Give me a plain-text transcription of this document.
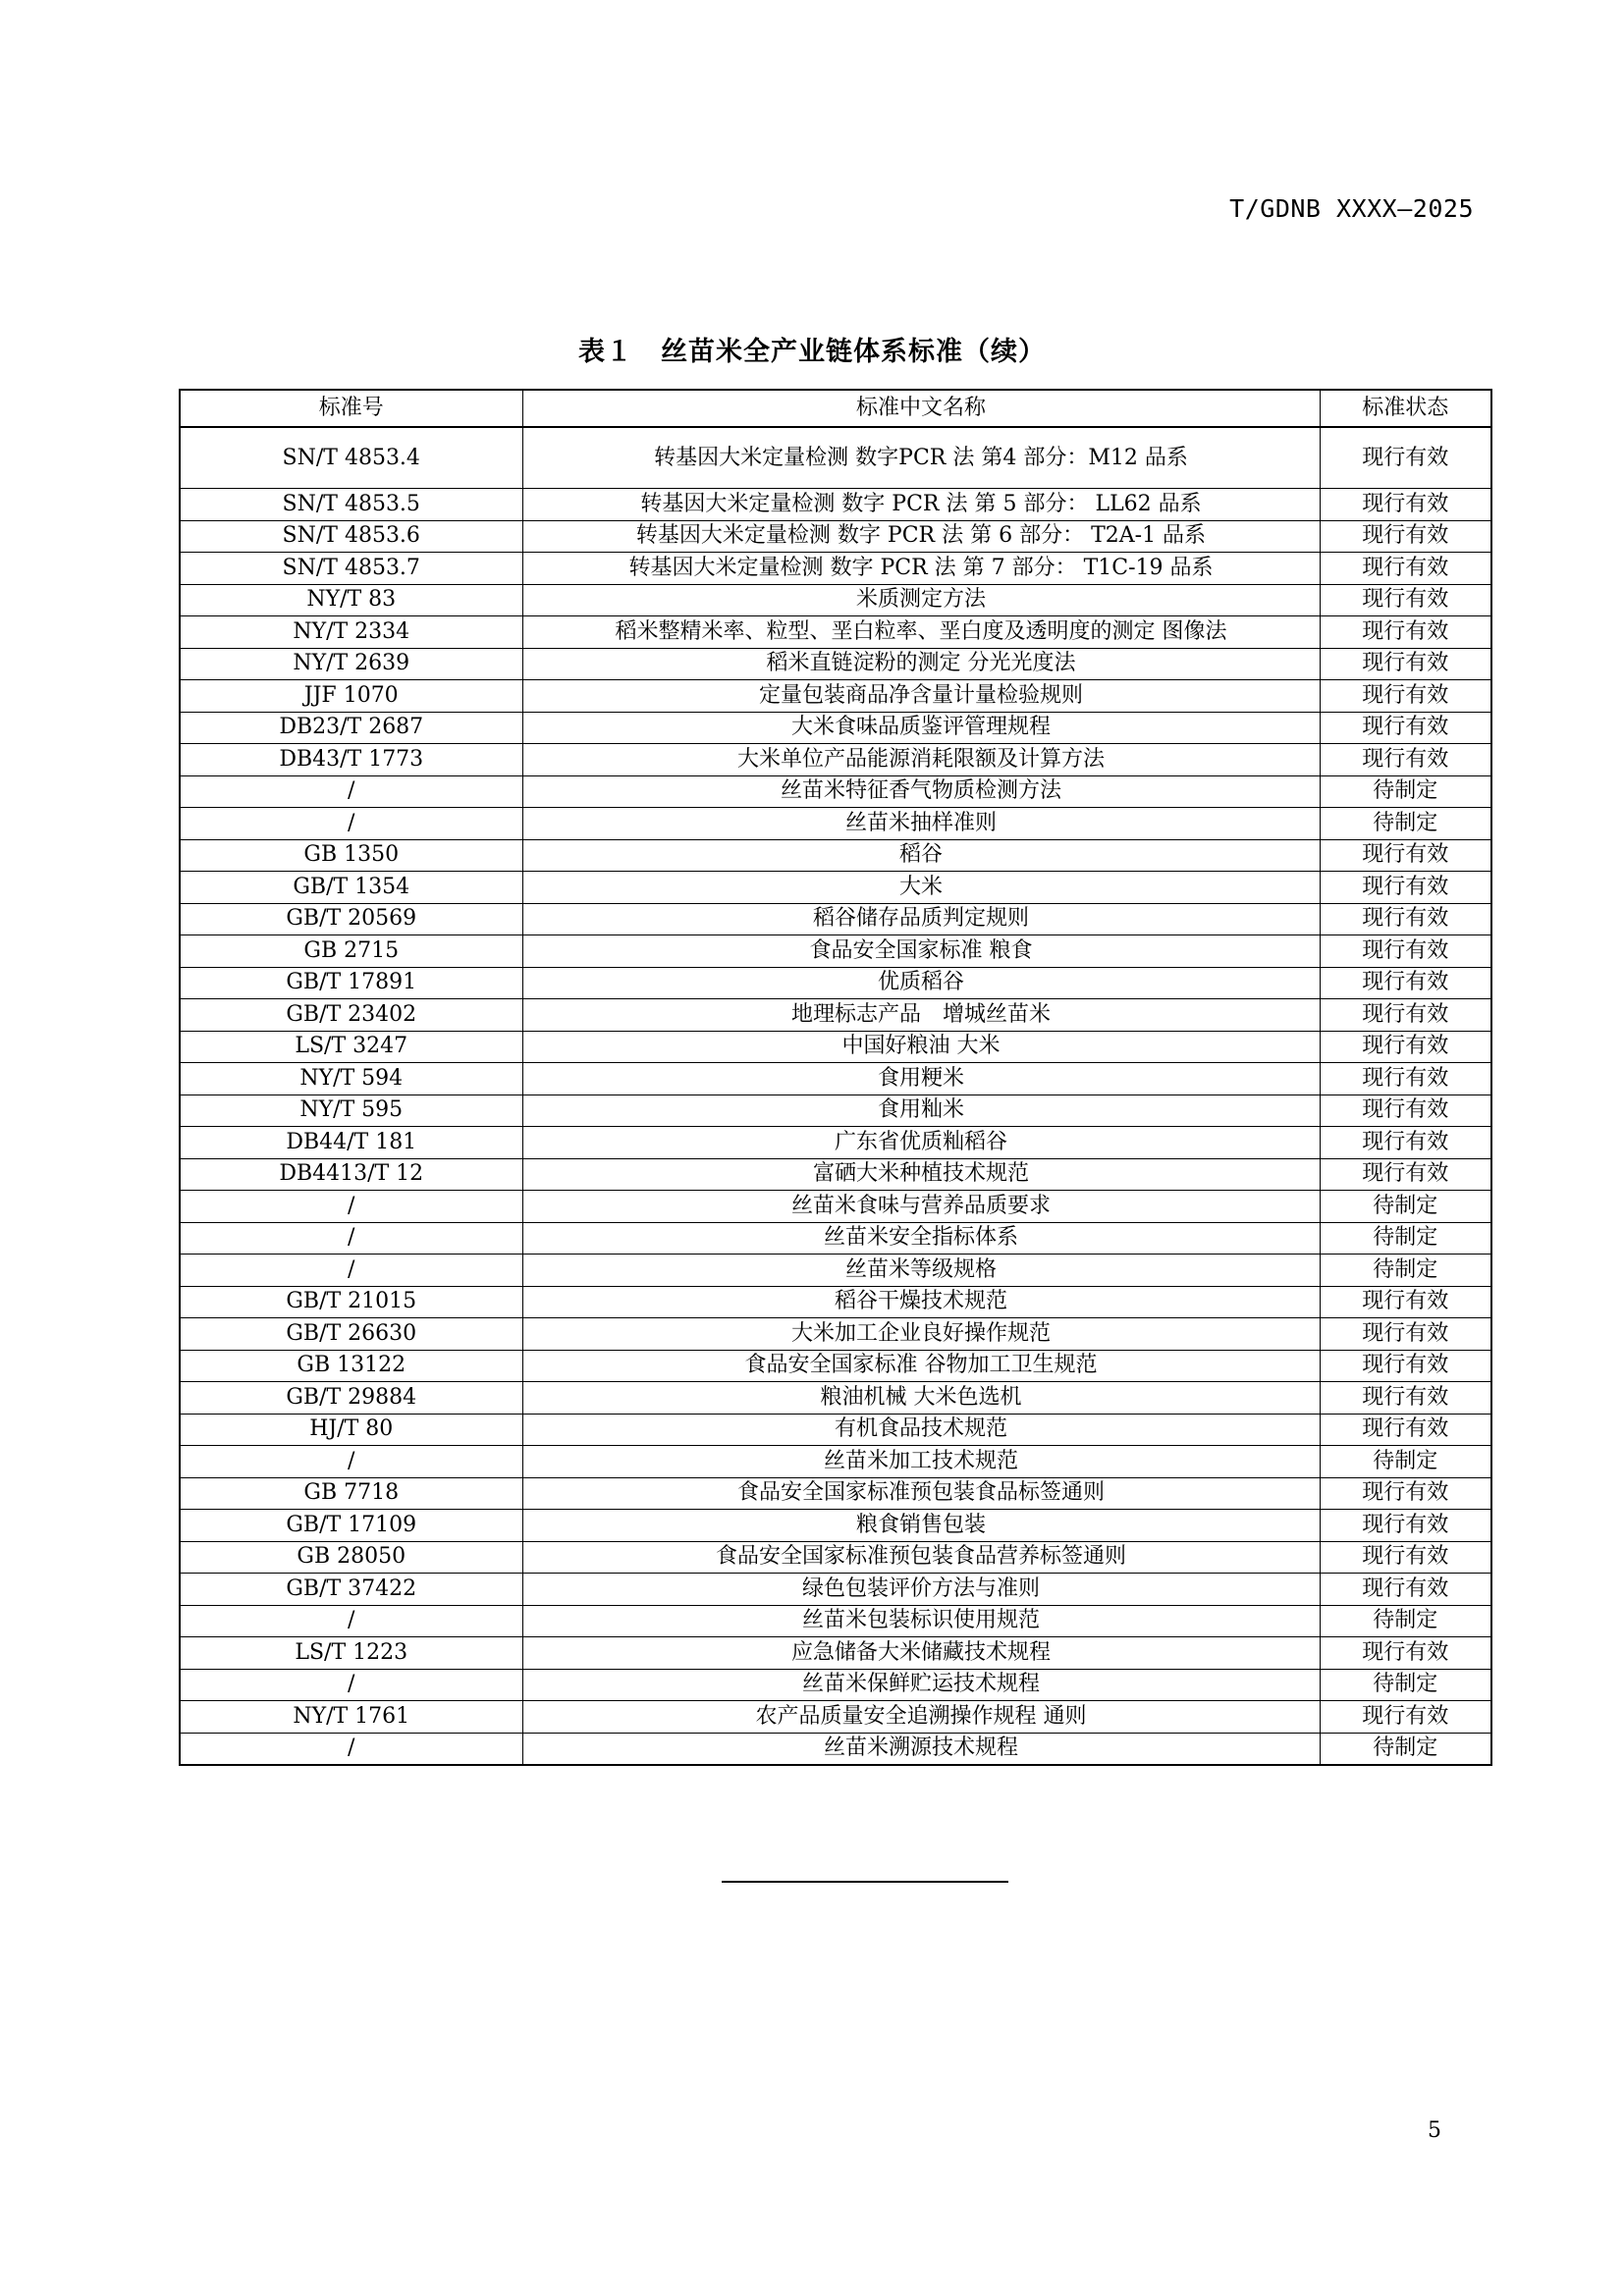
T/GDNB XXXX—2025
表１　丝苗米全产业链体系标准（续）
标准号	标准中文名称	标准状态
SN/T 4853.4	转基因大米定量检测 数字PCR 法 第4 部分：M12 品系	现行有效
SN/T 4853.5	转基因大米定量检测 数字 PCR 法 第 5 部分： LL62 品系	现行有效
SN/T 4853.6	转基因大米定量检测 数字 PCR 法 第 6 部分： T2A-1 品系	现行有效
SN/T 4853.7	转基因大米定量检测 数字 PCR 法 第 7 部分： T1C-19 品系	现行有效
NY/T 83	米质测定方法	现行有效
NY/T 2334	稻米整精米率、粒型、垩白粒率、垩白度及透明度的测定 图像法	现行有效
NY/T 2639	稻米直链淀粉的测定 分光光度法	现行有效
JJF 1070	定量包装商品净含量计量检验规则	现行有效
DB23/T 2687	大米食味品质鉴评管理规程	现行有效
DB43/T 1773	大米单位产品能源消耗限额及计算方法	现行有效
/	丝苗米特征香气物质检测方法	待制定
/	丝苗米抽样准则	待制定
GB 1350	稻谷	现行有效
GB/T 1354	大米	现行有效
GB/T 20569	稻谷储存品质判定规则	现行有效
GB 2715	食品安全国家标准 粮食	现行有效
GB/T 17891	优质稻谷	现行有效
GB/T 23402	地理标志产品　增城丝苗米	现行有效
LS/T 3247	中国好粮油 大米	现行有效
NY/T 594	食用粳米	现行有效
NY/T 595	食用籼米	现行有效
DB44/T 181	广东省优质籼稻谷	现行有效
DB4413/T 12	富硒大米种植技术规范	现行有效
/	丝苗米食味与营养品质要求	待制定
/	丝苗米安全指标体系	待制定
/	丝苗米等级规格	待制定
GB/T 21015	稻谷干燥技术规范	现行有效
GB/T 26630	大米加工企业良好操作规范	现行有效
GB 13122	食品安全国家标准 谷物加工卫生规范	现行有效
GB/T 29884	粮油机械 大米色选机	现行有效
HJ/T 80	有机食品技术规范	现行有效
/	丝苗米加工技术规范	待制定
GB 7718	食品安全国家标准预包装食品标签通则	现行有效
GB/T 17109	粮食销售包装	现行有效
GB 28050	食品安全国家标准预包装食品营养标签通则	现行有效
GB/T 37422	绿色包装评价方法与准则	现行有效
/	丝苗米包装标识使用规范	待制定
LS/T 1223	应急储备大米储藏技术规程	现行有效
/	丝苗米保鲜贮运技术规程	待制定
NY/T 1761	农产品质量安全追溯操作规程 通则	现行有效
/	丝苗米溯源技术规程	待制定
5
